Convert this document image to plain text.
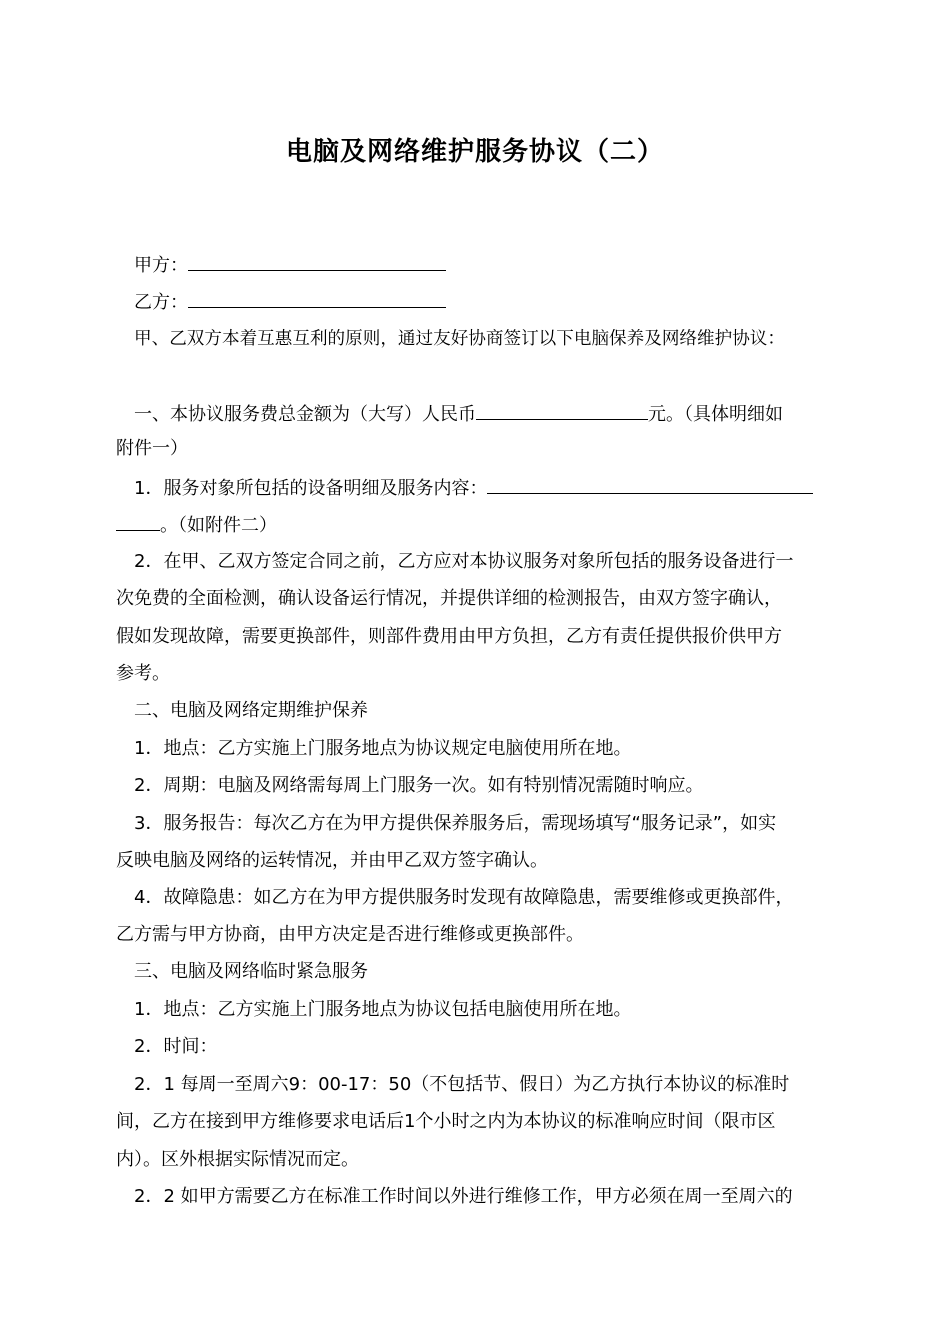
电脑及网络维护服务协议（二）
甲方：
乙方：
甲、乙双方本着互惠互利的原则，通过友好协商签订以下电脑保养及网络维护协议：
一、本协议服务费总金额为（大写）人民币	元。（具体明细如
附件一）
1．服务对象所包括的设备明细及服务内容：
。（如附件二）
2．在甲、乙双方签定合同之前，乙方应对本协议服务对象所包括的服务设备进行一
次免费的全面检测，确认设备运行情况，并提供详细的检测报告，由双方签字确认，
假如发现故障，需要更换部件，则部件费用由甲方负担，乙方有责任提供报价供甲方
参考。
二、电脑及网络定期维护保养
1．地点：乙方实施上门服务地点为协议规定电脑使用所在地。
2．周期：电脑及网络需每周上门服务一次。如有特别情况需随时响应。
3．服务报告：每次乙方在为甲方提供保养服务后，需现场填写“服务记录”，如实
反映电脑及网络的运转情况，并由甲乙双方签字确认。
4．故障隐患：如乙方在为甲方提供服务时发现有故障隐患，需要维修或更换部件，
乙方需与甲方协商，由甲方决定是否进行维修或更换部件。
三、电脑及网络临时紧急服务
1．地点：乙方实施上门服务地点为协议包括电脑使用所在地。
2．时间：
2．1 每周一至周六9：00-17：50（不包括节、假日）为乙方执行本协议的标准时
间，乙方在接到甲方维修要求电话后1个小时之内为本协议的标准响应时间（限市区
内）。区外根据实际情况而定。
2．2 如甲方需要乙方在标准工作时间以外进行维修工作，甲方必须在周一至周六的
